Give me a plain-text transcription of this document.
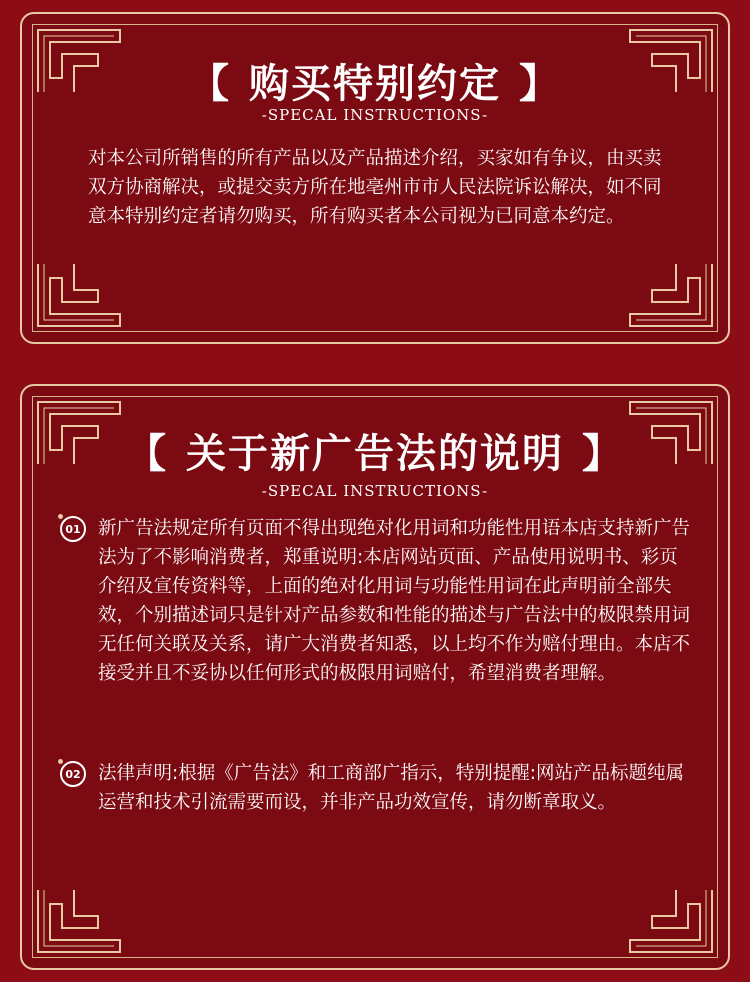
【 购买特别约定 】
-SPECAL INSTRUCTIONS-
对本公司所销售的所有产品以及产品描述介绍，买家如有争议，由买卖双方协商解决，或提交卖方所在地亳州市市人民法院诉讼解决，如不同意本特别约定者请勿购买，所有购买者本公司视为已同意本约定。
【 关于新广告法的说明 】
-SPECAL INSTRUCTIONS-
01 新广告法规定所有页面不得出现绝对化用词和功能性用语本店支持新广告法为了不影响消费者，郑重说明:本店网站页面、产品使用说明书、彩页介绍及宣传资料等，上面的绝对化用词与功能性用词在此声明前全部失效，个别描述词只是针对产品参数和性能的描述与广告法中的极限禁用词无任何关联及关系，请广大消费者知悉，以上均不作为赔付理由。本店不接受并且不妥协以任何形式的极限用词赔付，希望消费者理解。
02 法律声明:根据《广告法》和工商部广指示，特别提醒:网站产品标题纯属运营和技术引流需要而设，并非产品功效宣传，请勿断章取义。
